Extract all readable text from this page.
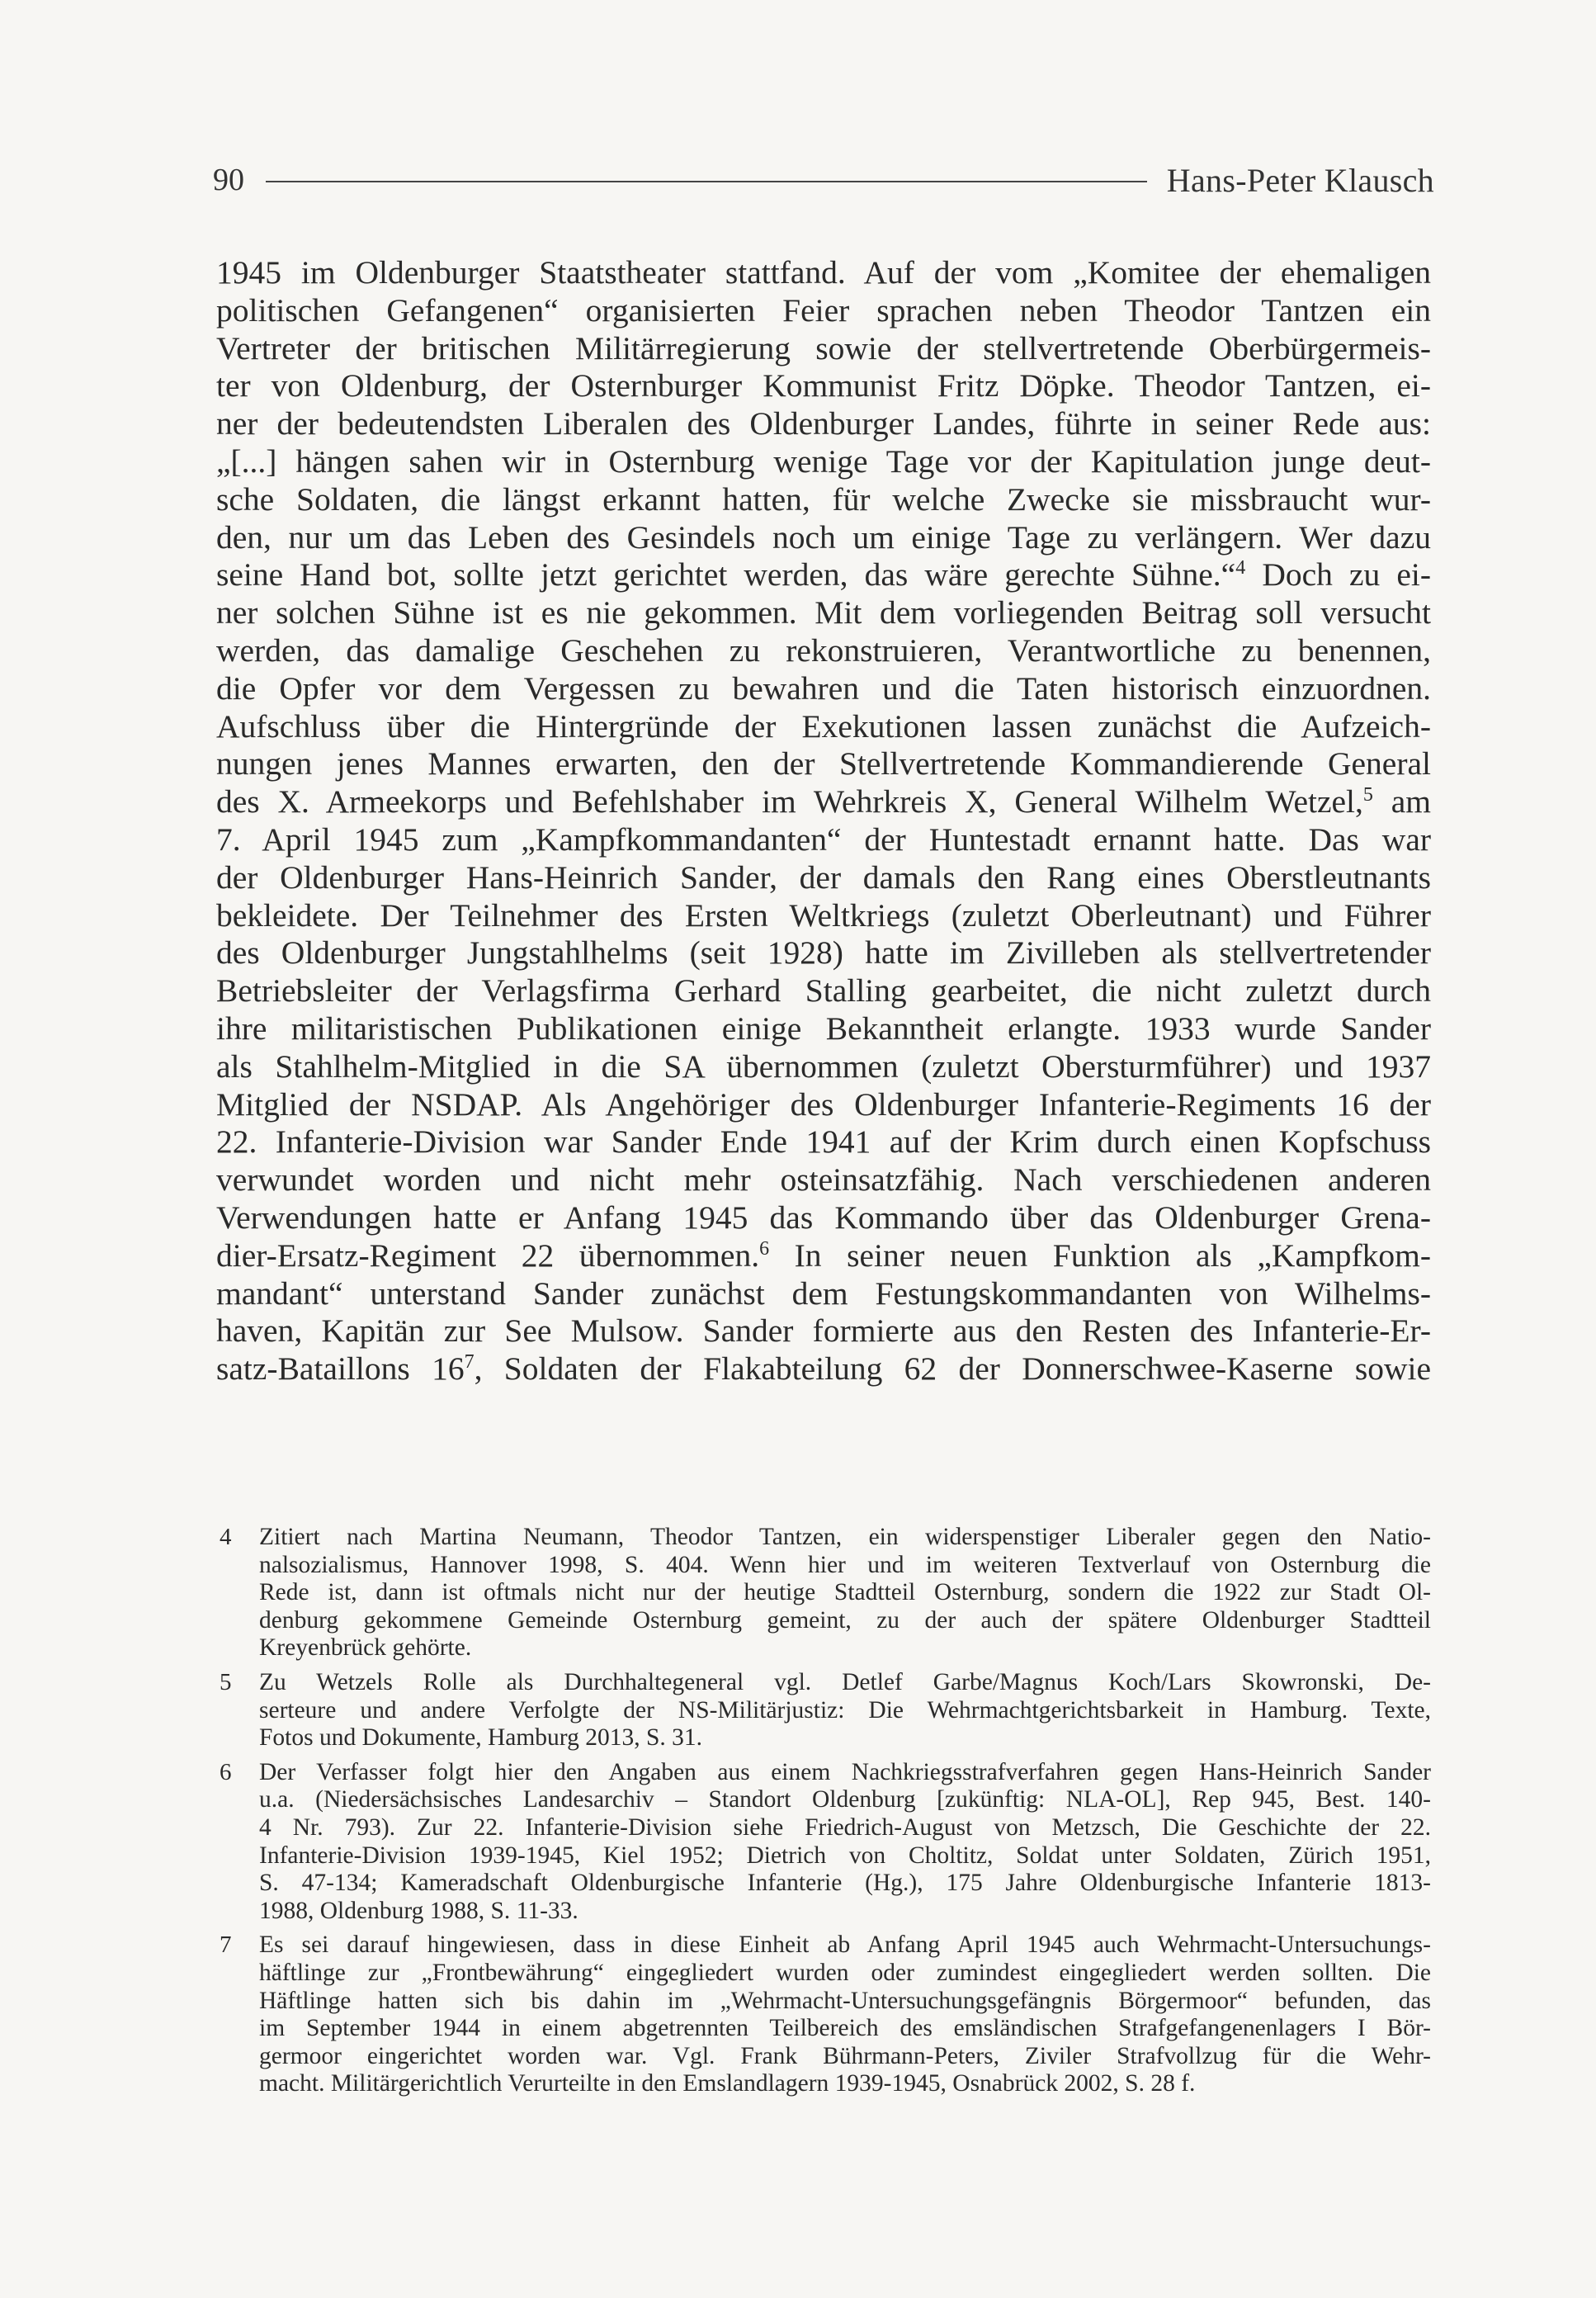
90	Hans-Peter Klausch
1945 im Oldenburger Staatstheater stattfand. Auf der vom „Komitee der ehemaligen
politischen Gefangenen“ organisierten Feier sprachen neben Theodor Tantzen ein
Vertreter der britischen Militärregierung sowie der stellvertretende Oberbürgermeis-
ter von Oldenburg, der Osternburger Kommunist Fritz Döpke. Theodor Tantzen, ei-
ner der bedeutendsten Liberalen des Oldenburger Landes, führte in seiner Rede aus:
„[...] hängen sahen wir in Osternburg wenige Tage vor der Kapitulation junge deut-
sche Soldaten, die längst erkannt hatten, für welche Zwecke sie missbraucht wur-
den, nur um das Leben des Gesindels noch um einige Tage zu verlängern. Wer dazu
seine Hand bot, sollte jetzt gerichtet werden, das wäre gerechte Sühne.“$^4$ Doch zu ei-
ner solchen Sühne ist es nie gekommen. Mit dem vorliegenden Beitrag soll versucht
werden, das damalige Geschehen zu rekonstruieren, Verantwortliche zu benennen,
die Opfer vor dem Vergessen zu bewahren und die Taten historisch einzuordnen.
Aufschluss über die Hintergründe der Exekutionen lassen zunächst die Aufzeich-
nungen jenes Mannes erwarten, den der Stellvertretende Kommandierende General
des X. Armeekorps und Befehlshaber im Wehrkreis X, General Wilhelm Wetzel,$^5$ am
7. April 1945 zum „Kampfkommandanten“ der Huntestadt ernannt hatte. Das war
der Oldenburger Hans-Heinrich Sander, der damals den Rang eines Oberstleutnants
bekleidete. Der Teilnehmer des Ersten Weltkriegs (zuletzt Oberleutnant) und Führer
des Oldenburger Jungstahlhelms (seit 1928) hatte im Zivilleben als stellvertretender
Betriebsleiter der Verlagsfirma Gerhard Stalling gearbeitet, die nicht zuletzt durch
ihre militaristischen Publikationen einige Bekanntheit erlangte. 1933 wurde Sander
als Stahlhelm-Mitglied in die SA übernommen (zuletzt Obersturmführer) und 1937
Mitglied der NSDAP. Als Angehöriger des Oldenburger Infanterie-Regiments 16 der
22. Infanterie-Division war Sander Ende 1941 auf der Krim durch einen Kopfschuss
verwundet worden und nicht mehr osteinsatzfähig. Nach verschiedenen anderen
Verwendungen hatte er Anfang 1945 das Kommando über das Oldenburger Grena-
dier-Ersatz-Regiment 22 übernommen.$^6$ In seiner neuen Funktion als „Kampfkom-
mandant“ unterstand Sander zunächst dem Festungskommandanten von Wilhelms-
haven, Kapitän zur See Mulsow. Sander formierte aus den Resten des Infanterie-Er-
satz-Bataillons $16^7$, Soldaten der Flakabteilung 62 der Donnerschwee-Kaserne sowie
4 Zitiert nach Martina Neumann, Theodor Tantzen, ein widerspenstiger Liberaler gegen den Natio-
nalsozialismus, Hannover 1998, S. 404. Wenn hier und im weiteren Textverlauf von Osternburg die
Rede ist, dann ist oftmals nicht nur der heutige Stadtteil Osternburg, sondern die 1922 zur Stadt Ol-
denburg gekommene Gemeinde Osternburg gemeint, zu der auch der spätere Oldenburger Stadtteil
Kreyenbrück gehörte.
5 Zu Wetzels Rolle als Durchhaltegeneral vgl. Detlef Garbe/Magnus Koch/Lars Skowronski, De-
serteure und andere Verfolgte der NS-Militärjustiz: Die Wehrmachtgerichtsbarkeit in Hamburg. Texte,
Fotos und Dokumente, Hamburg 2013, S. 31.
6 Der Verfasser folgt hier den Angaben aus einem Nachkriegsstrafverfahren gegen Hans-Heinrich Sander
u.a. (Niedersächsisches Landesarchiv – Standort Oldenburg [zukünftig: NLA-OL], Rep 945, Best. 140-
4 Nr. 793). Zur 22. Infanterie-Division siehe Friedrich-August von Metzsch, Die Geschichte der 22.
Infanterie-Division 1939-1945, Kiel 1952; Dietrich von Choltitz, Soldat unter Soldaten, Zürich 1951,
S. 47-134; Kameradschaft Oldenburgische Infanterie (Hg.), 175 Jahre Oldenburgische Infanterie 1813-
1988, Oldenburg 1988, S. 11-33.
7 Es sei darauf hingewiesen, dass in diese Einheit ab Anfang April 1945 auch Wehrmacht-Untersuchungs-
häftlinge zur „Frontbewährung“ eingegliedert wurden oder zumindest eingegliedert werden sollten. Die
Häftlinge hatten sich bis dahin im „Wehrmacht-Untersuchungsgefängnis Börgermoor“ befunden, das
im September 1944 in einem abgetrennten Teilbereich des emsländischen Strafgefangenenlagers I Bör-
germoor eingerichtet worden war. Vgl. Frank Bührmann-Peters, Ziviler Strafvollzug für die Wehr-
macht. Militärgerichtlich Verurteilte in den Emslandlagern 1939-1945, Osnabrück 2002, S. 28 f.
